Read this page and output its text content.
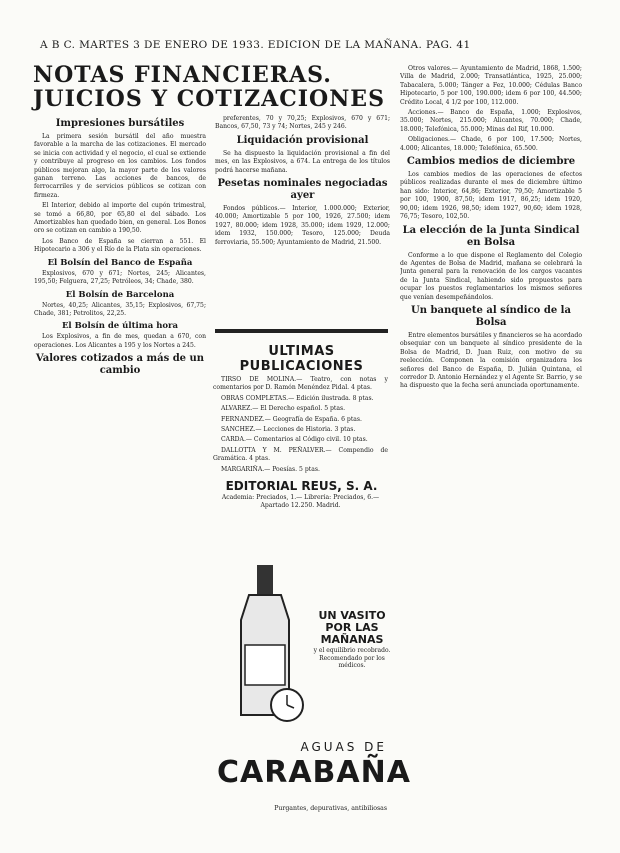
A B C. MARTES 3 DE ENERO DE 1933. EDICION DE LA MAÑANA. PAG. 41
NOTAS FINANCIERAS. JUICIOS Y COTIZACIONES
Impresiones bursátiles

La primera sesión bursátil del año muestra favorable a la marcha de las cotizaciones. El mercado se inicia con actividad y el negocio, el cual se extiende y contribuye al progreso en los cambios. Los fondos públicos mejoran algo, la mayor parte de los valores ganan terreno. Las acciones de bancos, de ferrocarriles y de servicios públicos se cotizan con firmeza.

El Interior, debido al importe del cupón trimestral, se tomó a 66,80, por 65,80 el del sábado. Los Amortizables han quedado bien, en general. Los Bonos oro se cotizan en cambio a 190,50.

Los Banco de España se cierran a 551. El Hipotecario a 306 y el Río de la Plata sin operaciones.

El Bolsín del Banco de España

Explosivos, 670 y 671; Nortes, 245; Alicantes, 195,50; Felguera, 27,25; Petróleos, 34; Chade, 380.

El Bolsín de Barcelona

Nortes, 40,25; Alicantes, 35,15; Explosivos, 67,75; Chade, 381; Petrolitos, 22,25.

El Bolsín de última hora

Los Explosivos, a fin de mes, quedan a 670, con operaciones. Los Alicantes a 195 y los Nortes a 245.

Valores cotizados a más de un cambio

preferentes, 70 y 70,25; Explosivos, 670 y 671; Bancos, 67,50, 73 y 74; Nortes, 245 y 246.

Liquidación provisional

Se ha dispuesto la liquidación provisional a fin del mes, en las Explosivos, a 674. La entrega de los títulos podrá hacerse mañana.

Pesetas nominales negociadas ayer

Fondos públicos.— Interior, 1.000.000; Exterior, 40.000; Amortizable 5 por 100, 1926, 27.500; idem 1927, 80.000; idem 1928, 35.000; idem 1929, 12.000; idem 1932, 150.000; Tesoro, 125.000; Deuda ferroviaria, 55.500; Ayuntamiento de Madrid, 21.500.

ULTIMAS PUBLICACIONES

TIRSO DE MOLINA.— Teatro, con notas y comentarios por D. Ramón Menéndez Pidal. 4 ptas.

OBRAS COMPLETAS.— Edición ilustrada. 8 ptas.

ALVAREZ.— El Derecho español. 5 ptas.

FERNANDEZ.— Geografía de España. 6 ptas.

SANCHEZ.— Lecciones de Historia. 3 ptas.

CARDA.— Comentarios al Código civil. 10 ptas.

DALLOTTA Y M. PEÑALVER.— Compendio de Gramática. 4 ptas.

MARGARIÑA.— Poesías. 5 ptas.

EDITORIAL REUS, S. A.
Academia: Preciados, 1.— Librería: Preciados, 6.— Apartado 12.250. Madrid.
UN VASITO POR LAS MAÑANAS
y el equilibrio recobrado. Recomendado por los médicos.
AGUAS DE
CARABAÑA
Purgantes, depurativas, antibiliosas

Otros valores.— Ayuntamiento de Madrid, 1868, 1.500; Villa de Madrid, 2.000; Transatlántica, 1925, 25.000; Tabacalera, 5.000; Tánger a Fez, 10.000; Cédulas Banco Hipotecario, 5 por 100, 190.000; idem 6 por 100, 44.500; Crédito Local, 4 1/2 por 100, 112.000.

Acciones.— Banco de España, 1.000; Explosivos, 35.000; Nortes, 215.000; Alicantes, 70.000; Chade, 18.000; Telefónica, 55.000; Minas del Rif, 10.000.

Obligaciones.— Chade, 6 por 100, 17.500; Nortes, 4.000; Alicantes, 18.000; Telefónica, 65.500.

Cambios medios de diciembre

Los cambios medios de las operaciones de efectos públicos realizadas durante el mes de diciembre último han sido: Interior, 64,86; Exterior, 79,50; Amortizable 5 por 100, 1900, 87,50; idem 1917, 86,25; idem 1920, 90,00; idem 1926, 98,50; idem 1927, 90,60; idem 1928, 76,75; Tesoro, 102,50.

La elección de la Junta Sindical en Bolsa

Conforme a lo que dispone el Reglamento del Colegio de Agentes de Bolsa de Madrid, mañana se celebrará la Junta general para la renovación de los cargos vacantes de la Junta Sindical, habiendo sido propuestos para ocupar los puestos reglamentarios los mismos señores que venían desempeñándolos.

Un banquete al síndico de la Bolsa

Entre elementos bursátiles y financieros se ha acordado obsequiar con un banquete al síndico presidente de la Bolsa de Madrid, D. Juan Ruiz, con motivo de su reelección. Componen la comisión organizadora los señores del Banco de España, D. Julián Quintana, el corredor D. Antonio Hernández y el Agente Sr. Barrio, y se ha dispuesto que la fecha será anunciada oportunamente.
